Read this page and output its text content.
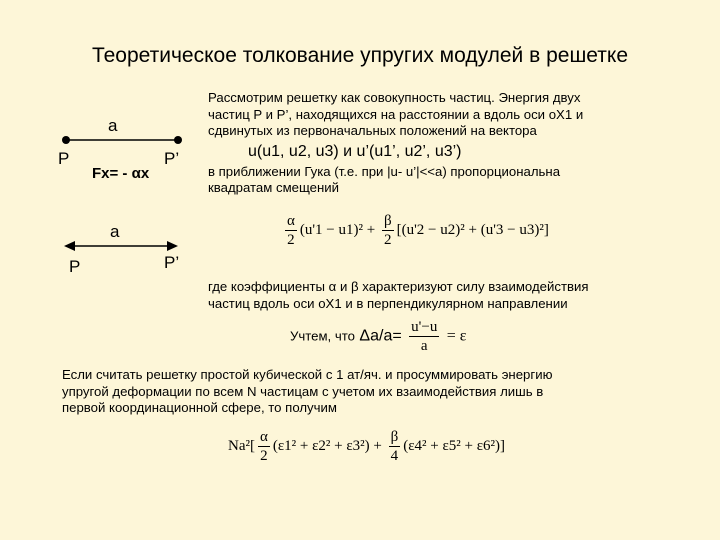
Теоретическое толкование упругих модулей в решетке
a
P	P’
Fx= - αx
a
P	P’
Рассмотрим решетку как совокупность частиц. Энергия двух
частиц P и P’, находящихся на расстоянии a вдоль оси oX1 и
сдвинутых из первоначальных положений на вектора
u(u1, u2, u3) и u’(u1’, u2’, u3’)
в приближении Гука (т.е. при |u- u’|<<a) пропорциональна
квадратам смещений
$\frac{\alpha}{2} (u'1 - u1)^2 + \frac{\beta}{2} [(u'2 - u2)^2 + (u'3 - u3)^2]$
где коэффициенты α и β характеризуют силу взаимодействия
частиц вдоль оси oX1 и в перпендикулярном направлении
Учтем, что $\Delta a/a= \frac{u'-u}{a} = \varepsilon$
Если считать решетку простой кубической с 1 ат/яч. и просуммировать энергию
упругой деформации по всем N частицам с учетом их взаимодействия лишь в
первой координационной сфере, то получим
$Na^2[ \frac{\alpha}{2} (\varepsilon 1^2 + \varepsilon 2^2 + \varepsilon 3^2) + \frac{\beta}{4} (\varepsilon 4^2 + \varepsilon 5^2 + \varepsilon 6^2)]$
